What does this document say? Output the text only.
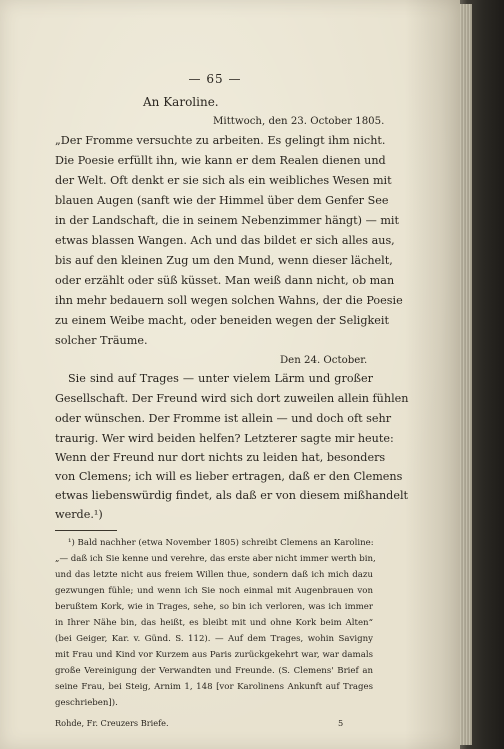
— 65 —
An Karoline.
Mittwoch, den 23. October 1805.
„Der Fromme versuchte zu arbeiten. Es gelingt ihm nicht.
Die Poesie erfüllt ihn, wie kann er dem Realen dienen und
der Welt. Oft denkt er sie sich als ein weibliches Wesen mit
blauen Augen (sanft wie der Himmel über dem Genfer See
in der Landschaft, die in seinem Nebenzimmer hängt) — mit
etwas blassen Wangen. Ach und das bildet er sich alles aus,
bis auf den kleinen Zug um den Mund, wenn dieser lächelt,
oder erzählt oder süß küsset. Man weiß dann nicht, ob man
ihn mehr bedauern soll wegen solchen Wahns, der die Poesie
zu einem Weibe macht, oder beneiden wegen der Seligkeit
solcher Träume.
Den 24. October.
Sie sind auf Trages — unter vielem Lärm und großer
Gesellschaft. Der Freund wird sich dort zuweilen allein fühlen
oder wünschen. Der Fromme ist allein — und doch oft sehr
traurig. Wer wird beiden helfen? Letzterer sagte mir heute:
Wenn der Freund nur dort nichts zu leiden hat, besonders
von Clemens; ich will es lieber ertragen, daß er den Clemens
etwas liebenswürdig findet, als daß er von diesem mißhandelt
werde.¹)
¹) Bald nachher (etwa November 1805) schreibt Clemens an Karoline:
„— daß ich Sie kenne und verehre, das erste aber nicht immer werth bin,
und das letzte nicht aus freiem Willen thue, sondern daß ich mich dazu
gezwungen fühle; und wenn ich Sie noch einmal mit Augenbrauen von
berußtem Kork, wie in Trages, sehe, so bin ich verloren, was ich immer
in Ihrer Nähe bin, das heißt, es bleibt mit und ohne Kork beim Alten“
(bei Geiger, Kar. v. Günd. S. 112). — Auf dem Trages, wohin Savigny
mit Frau und Kind vor Kurzem aus Paris zurückgekehrt war, war damals
große Vereinigung der Verwandten und Freunde. (S. Clemens' Brief an
seine Frau, bei Steig, Arnim 1, 148 [vor Karolinens Ankunft auf Trages
geschrieben]).
Rohde, Fr. Creuzers Briefe.	5
